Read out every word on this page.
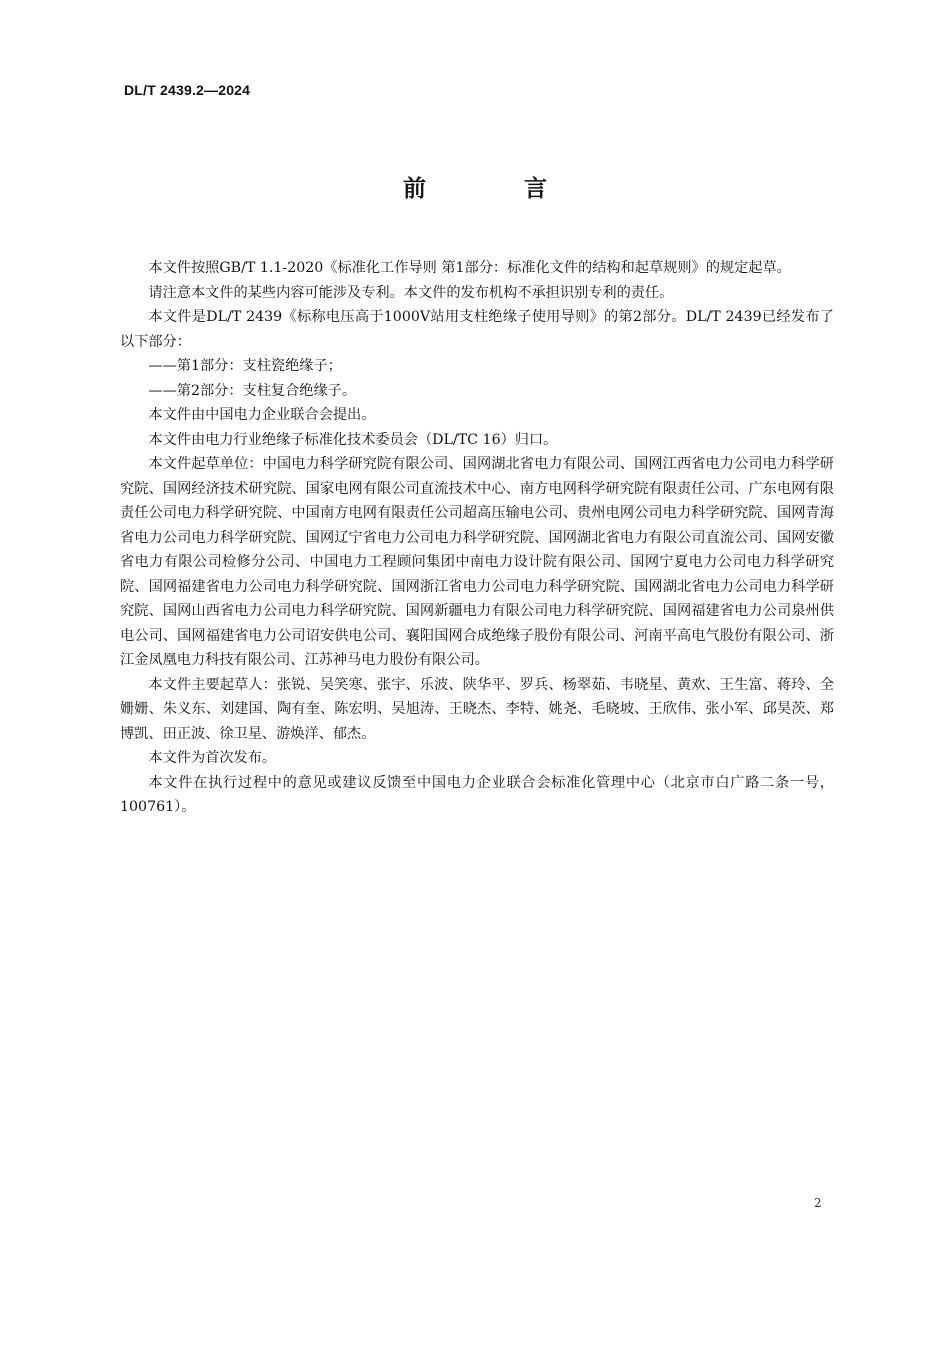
DL/T 2439.2—2024
前 言

本文件按照GB/T 1.1-2020《标准化工作导则 第1部分：标准化文件的结构和起草规则》的规定起草。

请注意本文件的某些内容可能涉及专利。本文件的发布机构不承担识别专利的责任。

本文件是DL/T 2439《标称电压高于1000V站用支柱绝缘子使用导则》的第2部分。DL/T 2439已经发布了以下部分：

——第1部分：支柱瓷绝缘子；

——第2部分：支柱复合绝缘子。

本文件由中国电力企业联合会提出。

本文件由电力行业绝缘子标准化技术委员会（DL/TC 16）归口。

本文件起草单位：中国电力科学研究院有限公司、国网湖北省电力有限公司、国网江西省电力公司电力科学研究院、国网经济技术研究院、国家电网有限公司直流技术中心、南方电网科学研究院有限责任公司、广东电网有限责任公司电力科学研究院、中国南方电网有限责任公司超高压输电公司、贵州电网公司电力科学研究院、国网青海省电力公司电力科学研究院、国网辽宁省电力公司电力科学研究院、国网湖北省电力有限公司直流公司、国网安徽省电力有限公司检修分公司、中国电力工程顾问集团中南电力设计院有限公司、国网宁夏电力公司电力科学研究院、国网福建省电力公司电力科学研究院、国网浙江省电力公司电力科学研究院、国网湖北省电力公司电力科学研究院、国网山西省电力公司电力科学研究院、国网新疆电力有限公司电力科学研究院、国网福建省电力公司泉州供电公司、国网福建省电力公司诏安供电公司、襄阳国网合成绝缘子股份有限公司、河南平高电气股份有限公司、浙江金凤凰电力科技有限公司、江苏神马电力股份有限公司。

本文件主要起草人：张锐、吴笑寒、张宇、乐波、陕华平、罗兵、杨翠茹、韦晓星、黄欢、王生富、蒋玲、全姗姗、朱义东、刘建国、陶有奎、陈宏明、吴旭涛、王晓杰、李特、姚尧、毛晓坡、王欣伟、张小军、邱昊茨、郑博凯、田正波、徐卫星、游焕洋、郁杰。

本文件为首次发布。

本文件在执行过程中的意见或建议反馈至中国电力企业联合会标准化管理中心（北京市白广路二条一号，100761）。

2
